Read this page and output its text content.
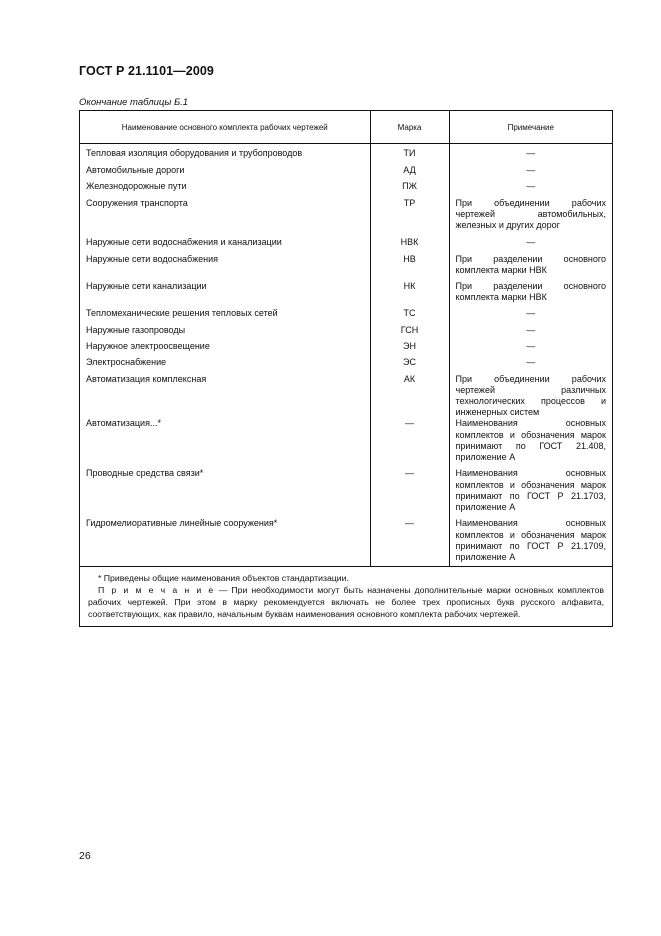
ГОСТ Р 21.1101—2009
Окончание таблицы Б.1
Наименование основного комплекта рабочих чертежей	Марка	Примечание
Тепловая изоляция оборудования и трубопроводов	ТИ	—
Автомобильные дороги	АД	—
Железнодорожные пути	ПЖ	—
Сооружения транспорта	ТР	При объединении рабочих чертежей автомобильных, железных и других дорог
Наружные сети водоснабжения и канализации	НВК	—
Наружные сети водоснабжения	НВ	При разделении основного комплекта марки НВК
Наружные сети канализации	НК	При разделении основного комплекта марки НВК
Тепломеханические решения тепловых сетей	ТС	—
Наружные газопроводы	ГСН	—
Наружное электроосвещение	ЭН	—
Электроснабжение	ЭС	—
Автоматизация комплексная	АК	При объединении рабочих чертежей различных технологических процессов и инженерных систем
Автоматизация...*	—	Наименования основных комплектов и обозначения марок принимают по ГОСТ 21.408, приложение А
Проводные средства связи*	—	Наименования основных комплектов и обозначения марок принимают по ГОСТ Р 21.1703, приложение А
Гидромелиоративные линейные сооружения*	—	Наименования основных комплектов и обозначения марок принимают по ГОСТ Р 21.1709, приложение А

* Приведены общие наименования объектов стандартизации.

П р и м е ч а н и е — При необходимости могут быть назначены дополнительные марки основных комплектов рабочих чертежей. При этом в марку рекомендуется включать не более трех прописных букв русского алфавита, соответствующих, как правило, начальным буквам наименования основного комплекта рабочих чертежей.

26
